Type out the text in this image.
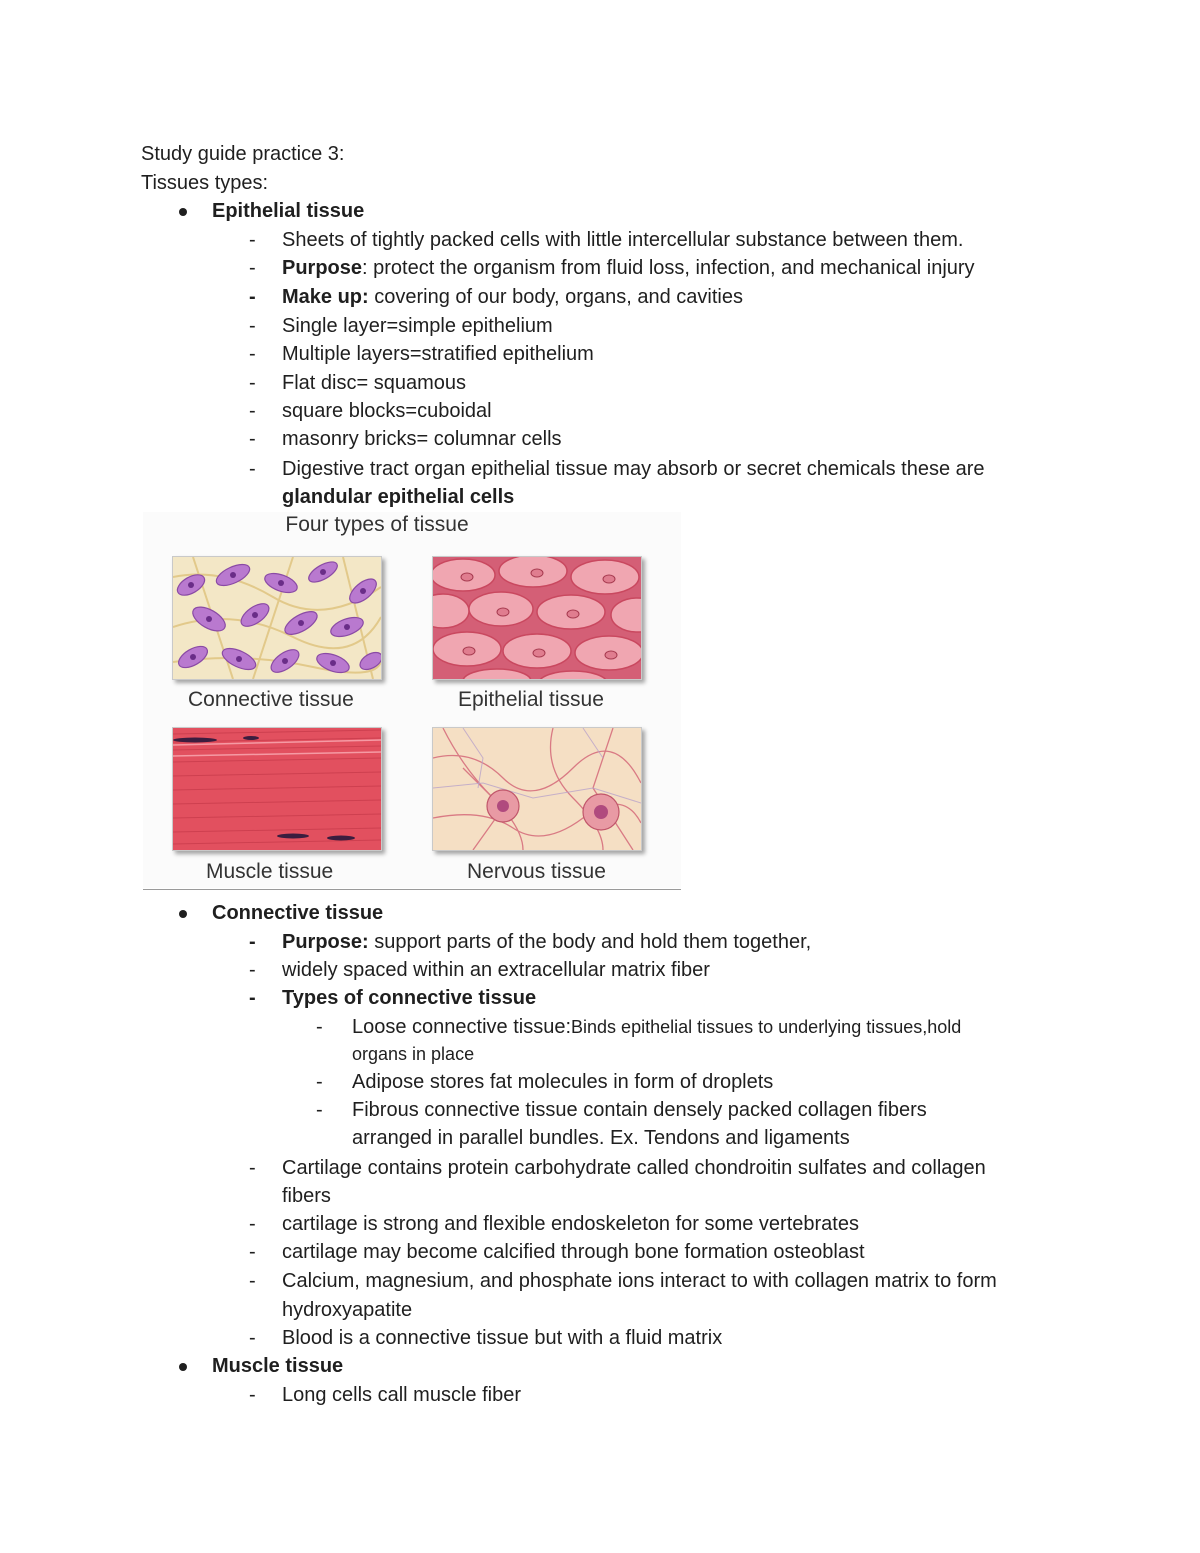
Study guide practice 3:
Tissues types:
Epithelial tissue
- Sheets of tightly packed cells with little intercellular substance between them.
- Purpose: protect the organism from fluid loss, infection, and mechanical injury
- Make up: covering of our body, organs, and cavities
- Single layer=simple epithelium
- Multiple layers=stratified epithelium
- Flat disc= squamous
- square blocks=cuboidal
- masonry bricks= columnar cells
- Digestive tract organ epithelial tissue may absorb or secret chemicals these are
glandular epithelial cells
Four types of tissue
Connective tissue	Epithelial tissue
Muscle tissue	Nervous tissue
Connective tissue
- Purpose: support parts of the body and hold them together,
- widely spaced within an extracellular matrix fiber
- Types of connective tissue
- Loose connective tissue:Binds epithelial tissues to underlying tissues,hold
organs in place
- Adipose stores fat molecules in form of droplets
- Fibrous connective tissue contain densely packed collagen fibers
arranged in parallel bundles. Ex. Tendons and ligaments
- Cartilage contains protein carbohydrate called chondroitin sulfates and collagen
fibers
- cartilage is strong and flexible endoskeleton for some vertebrates
- cartilage may become calcified through bone formation osteoblast
- Calcium, magnesium, and phosphate ions interact to with collagen matrix to form
hydroxyapatite
- Blood is a connective tissue but with a fluid matrix
Muscle tissue
- Long cells call muscle fiber
